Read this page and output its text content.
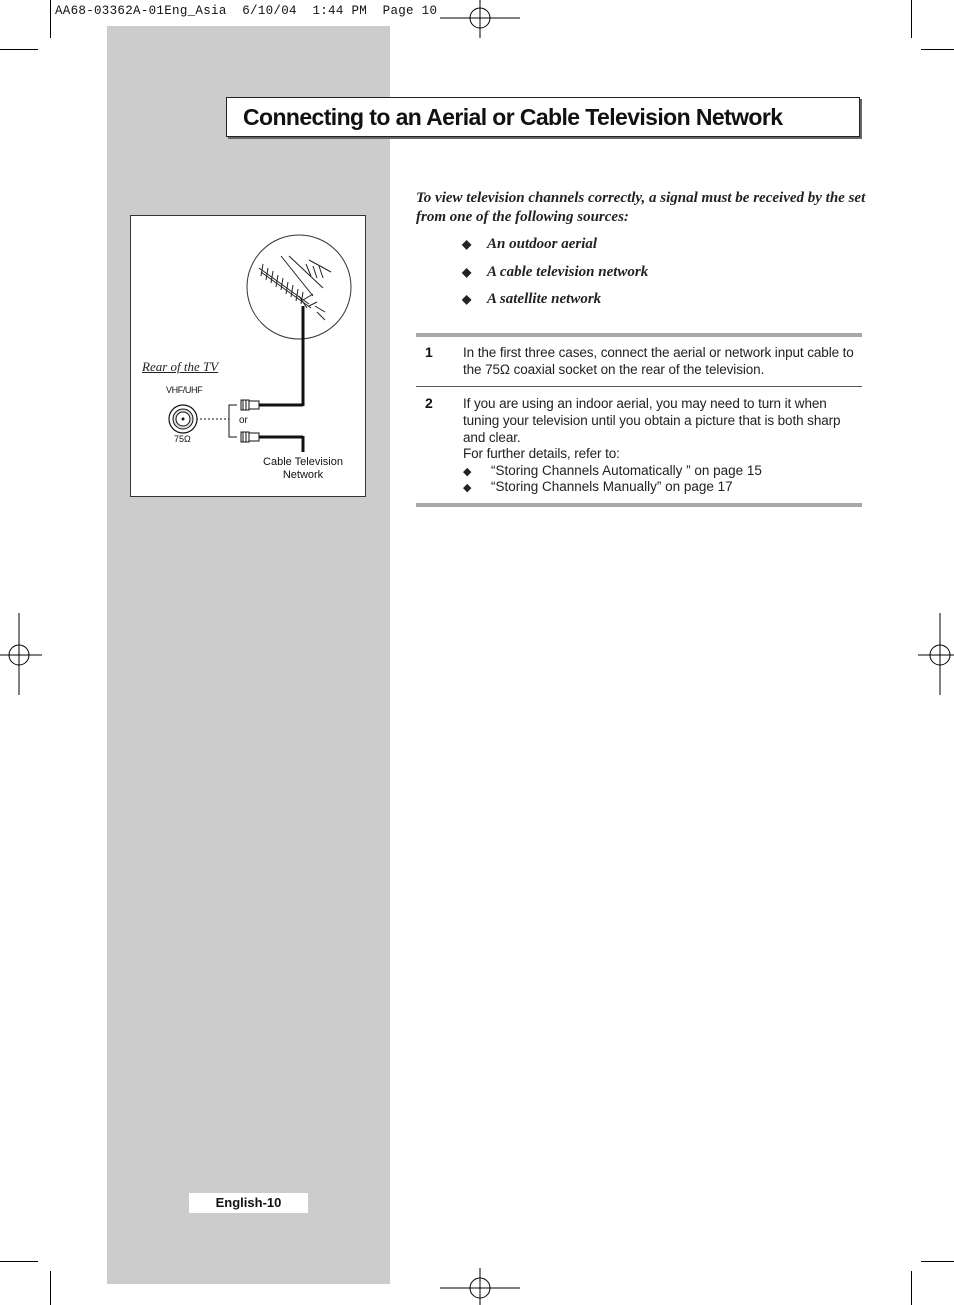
AA68-03362A-01Eng_Asia  6/10/04  1:44 PM  Page 10
Connecting to an Aerial or Cable Television Network

Rear of the TV

VHF/UHF

75Ω

or

Cable Television
Network

To view television channels correctly, a signal must be received by the set from one of the following sources:

◆ An outdoor aerial
◆ A cable television network
◆ A satellite network

1 In the first three cases, connect the aerial or network input cable to the 75Ω coaxial socket on the rear of the television.

2 If you are using an indoor aerial, you may need to turn it when tuning your television until you obtain a picture that is both sharp and clear.

For further details, refer to:

◆ “Storing Channels Automatically ” on page 15

◆ “Storing Channels Manually” on page 17

English-10
